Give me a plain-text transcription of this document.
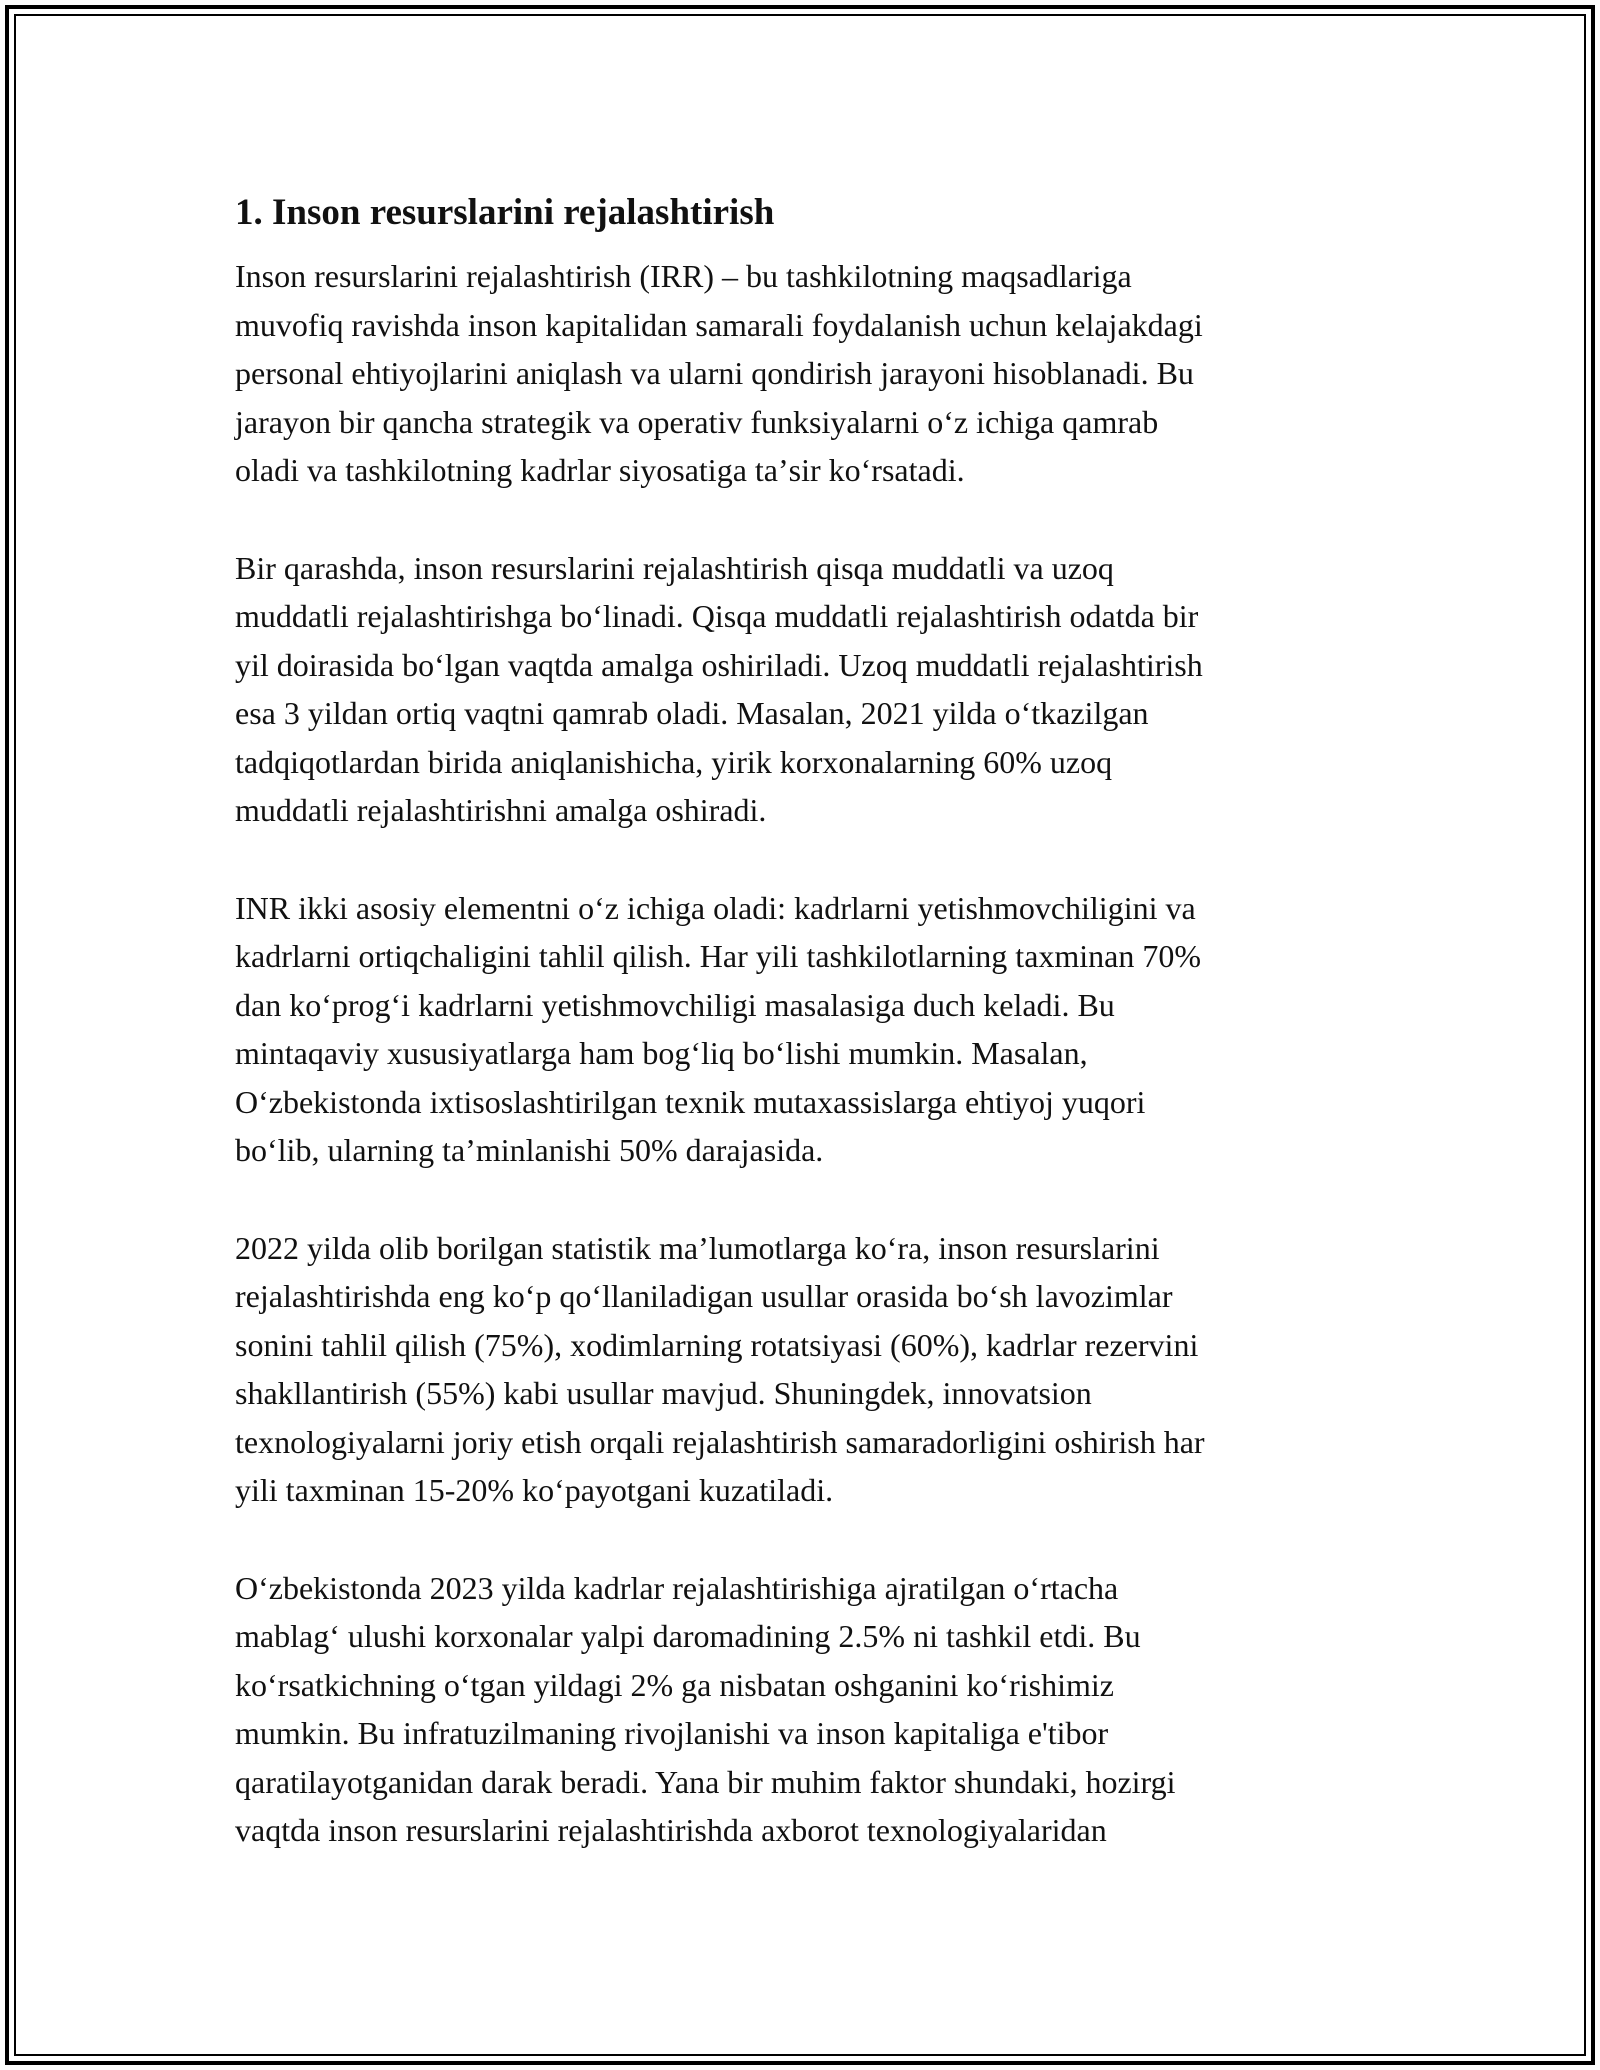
1. Inson resurslarini rejalashtirish

Inson resurslarini rejalashtirish (IRR) – bu tashkilotning maqsadlariga
muvofiq ravishda inson kapitalidan samarali foydalanish uchun kelajakdagi
personal ehtiyojlarini aniqlash va ularni qondirish jarayoni hisoblanadi. Bu
jarayon bir qancha strategik va operativ funksiyalarni oʻz ichiga qamrab
oladi va tashkilotning kadrlar siyosatiga taʼsir koʻrsatadi.

Bir qarashda, inson resurslarini rejalashtirish qisqa muddatli va uzoq
muddatli rejalashtirishga boʻlinadi. Qisqa muddatli rejalashtirish odatda bir
yil doirasida boʻlgan vaqtda amalga oshiriladi. Uzoq muddatli rejalashtirish
esa 3 yildan ortiq vaqtni qamrab oladi. Masalan, 2021 yilda oʻtkazilgan
tadqiqotlardan birida aniqlanishicha, yirik korxonalarning 60% uzoq
muddatli rejalashtirishni amalga oshiradi.

INR ikki asosiy elementni oʻz ichiga oladi: kadrlarni yetishmovchiligini va
kadrlarni ortiqchaligini tahlil qilish. Har yili tashkilotlarning taxminan 70%
dan koʻprogʻi kadrlarni yetishmovchiligi masalasiga duch keladi. Bu
mintaqaviy xususiyatlarga ham bogʻliq boʻlishi mumkin. Masalan,
Oʻzbekistonda ixtisoslashtirilgan texnik mutaxassislarga ehtiyoj yuqori
boʻlib, ularning taʼminlanishi 50% darajasida.

2022 yilda olib borilgan statistik maʼlumotlarga koʻra, inson resurslarini
rejalashtirishda eng koʻp qoʻllaniladigan usullar orasida boʻsh lavozimlar
sonini tahlil qilish (75%), xodimlarning rotatsiyasi (60%), kadrlar rezervini
shakllantirish (55%) kabi usullar mavjud. Shuningdek, innovatsion
texnologiyalarni joriy etish orqali rejalashtirish samaradorligini oshirish har
yili taxminan 15-20% koʻpayotgani kuzatiladi.

Oʻzbekistonda 2023 yilda kadrlar rejalashtirishiga ajratilgan oʻrtacha
mablagʻ ulushi korxonalar yalpi daromadining 2.5% ni tashkil etdi. Bu
koʻrsatkichning oʻtgan yildagi 2% ga nisbatan oshganini koʻrishimiz
mumkin. Bu infratuzilmaning rivojlanishi va inson kapitaliga e'tibor
qaratilayotganidan darak beradi. Yana bir muhim faktor shundaki, hozirgi
vaqtda inson resurslarini rejalashtirishda axborot texnologiyalaridan
